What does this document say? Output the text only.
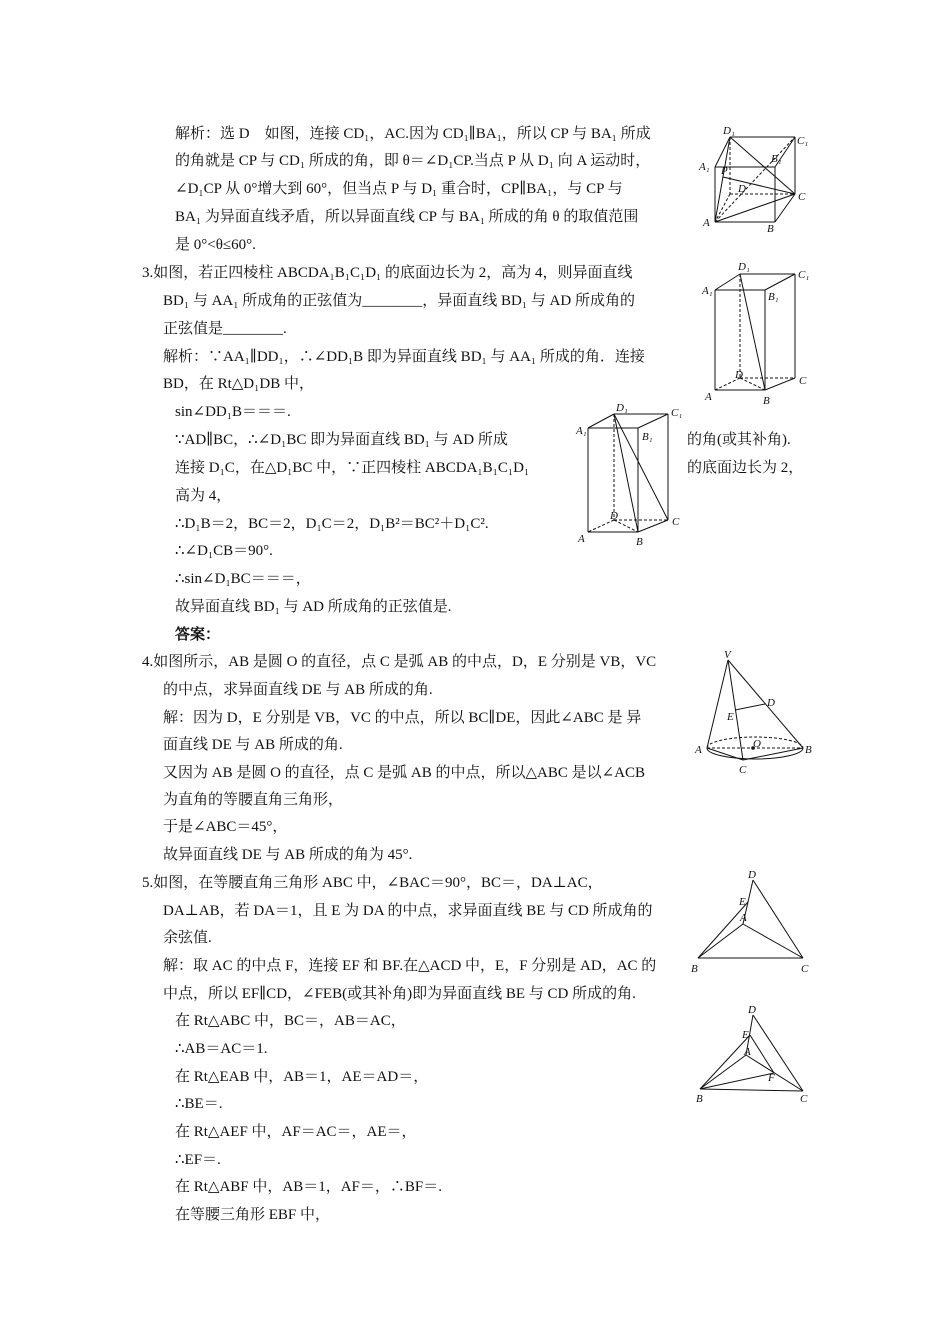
解析：选 D　如图，连接 CD₁，AC.因为 CD₁∥BA₁，所以 CP 与 BA₁ 所成
的角就是 CP 与 CD₁ 所成的角，即 θ＝∠D₁CP.当点 P 从 D₁ 向 A 运动时，
∠D₁CP 从 0°增大到 60°，但当点 P 与 D₁ 重合时，CP∥BA₁，与 CP 与
BA₁ 为异面直线矛盾，所以异面直线 CP 与 BA₁ 所成的角 θ 的取值范围
是 0°<θ≤60°.
3.如图，若正四棱柱 ABCDA₁B₁C₁D₁ 的底面边长为 2，高为 4，则异面直线
BD₁ 与 AA₁ 所成角的正弦值为________，异面直线 BD₁ 与 AD 所成角的
正弦值是________.
解析：∵AA₁∥DD₁，∴∠DD₁B 即为异面直线 BD₁ 与 AA₁ 所成的角．连接
BD，在 Rt△D₁DB 中，
sin∠DD₁B＝＝＝.
∵AD∥BC，∴∠D₁BC 即为异面直线 BD₁ 与 AD 所成	的角(或其补角).
连接 D₁C，在△D₁BC 中，∵正四棱柱 ABCDA₁B₁C₁D₁	的底面边长为 2，
高为 4，
∴D₁B＝2，BC＝2，D₁C＝2，D₁B²＝BC²＋D₁C².
∴∠D₁CB＝90°.
∴sin∠D₁BC＝＝＝，
故异面直线 BD₁ 与 AD 所成角的正弦值是.
答案：
4.如图所示，AB 是圆 O 的直径，点 C 是弧 AB 的中点，D，E 分别是 VB，VC
的中点，求异面直线 DE 与 AB 所成的角.
解：因为 D，E 分别是 VB，VC 的中点，所以 BC∥DE，因此∠ABC 是 异
面直线 DE 与 AB 所成的角.
又因为 AB 是圆 O 的直径，点 C 是弧 AB 的中点，所以△ABC 是以∠ACB
为直角的等腰直角三角形，
于是∠ABC＝45°，
故异面直线 DE 与 AB 所成的角为 45°.
5.如图，在等腰直角三角形 ABC 中，∠BAC＝90°，BC＝，DA⊥AC，
DA⊥AB，若 DA＝1，且 E 为 DA 的中点，求异面直线 BE 与 CD 所成角的
余弦值.
解：取 AC 的中点 F，连接 EF 和 BF.在△ACD 中，E，F 分别是 AD，AC 的
中点，所以 EF∥CD，∠FEB(或其补角)即为异面直线 BE 与 CD 所成的角.
在 Rt△ABC 中，BC＝，AB＝AC，
∴AB＝AC＝1.
在 Rt△EAB 中，AB＝1，AE＝AD＝，
∴BE＝.
在 Rt△AEF 中，AF＝AC＝，AE＝，
∴EF＝.
在 Rt△ABF 中，AB＝1，AF＝，∴BF＝.
在等腰三角形 EBF 中，
D₁
C₁
A₁
B₁
P
D
C
A	B
D₁
C₁
A₁	B₁
D	C
A	B
D₁	C₁
A₁	B₁
D	C
A	B
V
D
E
A	O	B
C
D
E
A
B	C
D
E
A
F
B	C
